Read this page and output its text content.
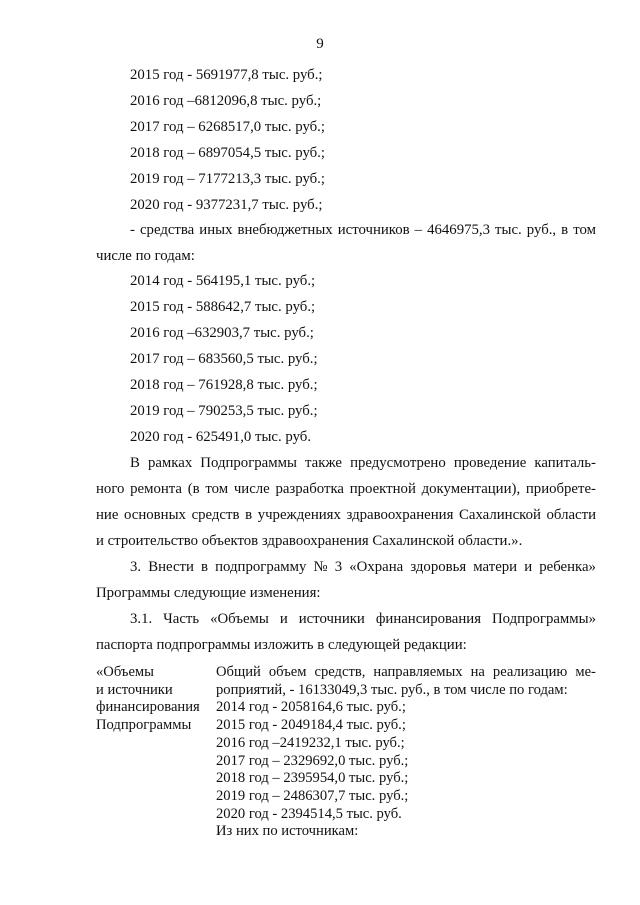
9
2015 год - 5691977,8 тыс. руб.;
2016 год –6812096,8 тыс. руб.;
2017 год – 6268517,0 тыс. руб.;
2018 год – 6897054,5 тыс. руб.;
2019 год – 7177213,3 тыс. руб.;
2020 год - 9377231,7 тыс. руб.;
- средства иных внебюджетных источников – 4646975,3 тыс. руб., в том
числе по годам:
2014 год - 564195,1 тыс. руб.;
2015 год - 588642,7 тыс. руб.;
2016 год –632903,7 тыс. руб.;
2017 год – 683560,5 тыс. руб.;
2018 год – 761928,8 тыс. руб.;
2019 год – 790253,5 тыс. руб.;
2020 год - 625491,0 тыс. руб.
В рамках Подпрограммы также предусмотрено проведение капиталь-
ного ремонта (в том числе разработка проектной документации), приобрете-
ние основных средств в учреждениях здравоохранения Сахалинской области
и строительство объектов здравоохранения Сахалинской области.».
3. Внести в подпрограмму № 3 «Охрана здоровья матери и ребенка»
Программы следующие изменения:
3.1. Часть «Объемы и источники финансирования Подпрограммы»
паспорта подпрограммы изложить в следующей редакции:
«Объемы
и источники
финансирования
Подпрограммы
Общий объем средств, направляемых на реализацию ме-
роприятий, - 16133049,3 тыс. руб., в том числе по годам:
2014 год - 2058164,6 тыс. руб.;
2015 год - 2049184,4 тыс. руб.;
2016 год –2419232,1 тыс. руб.;
2017 год – 2329692,0 тыс. руб.;
2018 год – 2395954,0 тыс. руб.;
2019 год – 2486307,7 тыс. руб.;
2020 год - 2394514,5 тыс. руб.
Из них по источникам:
